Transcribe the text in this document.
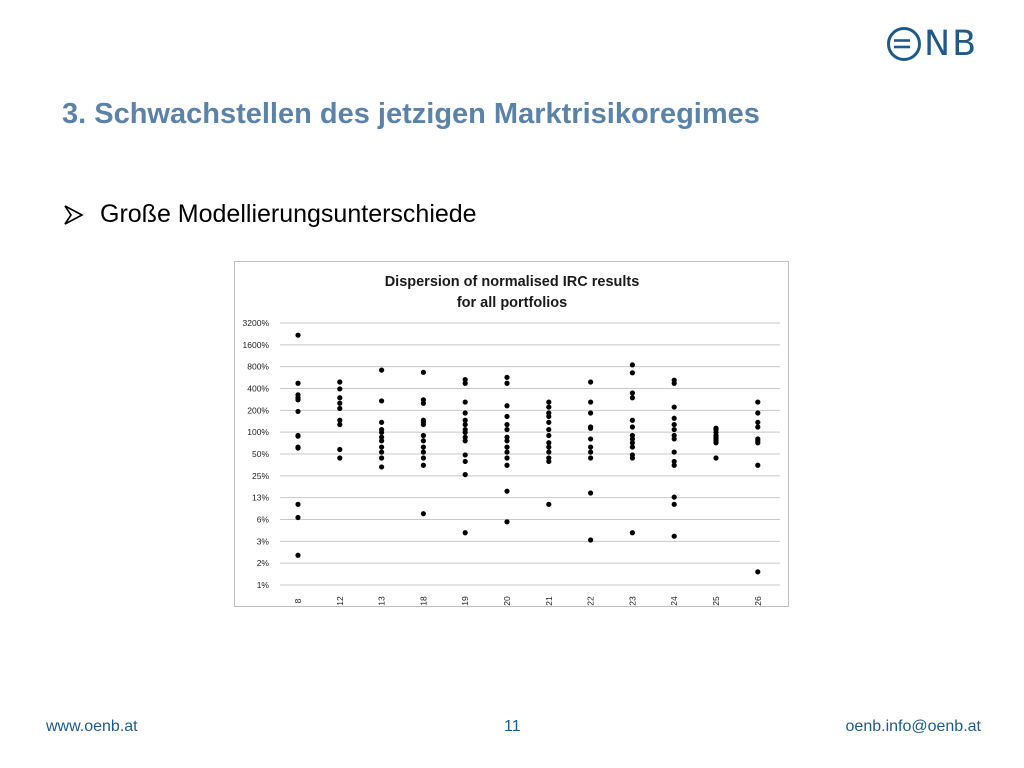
NB
3. Schwachstellen des jetzigen Marktrisikoregimes
Große Modellierungsunterschiede
Dispersion of normalised IRC results
for all portfolios
1%
2%
3%
6%
13%
25%
50%
100%
200%
400%
800%
1600%
3200%
8	12	13	18	19	20	21	22	23	24	25	26
www.oenb.at	11	oenb.info@oenb.at
